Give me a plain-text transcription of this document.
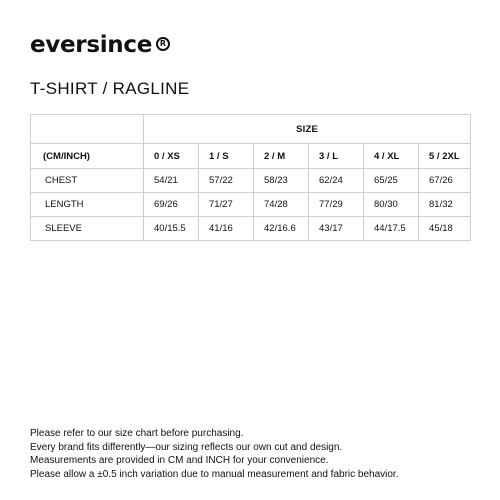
eversince R
T-SHIRT / RAGLINE
	SIZE					
(CM/INCH)	0 / XS	1 / S	2 / M	3 / L	4 / XL	5 / 2XL
CHEST	54/21	57/22	58/23	62/24	65/25	67/26
LENGTH	69/26	71/27	74/28	77/29	80/30	81/32
SLEEVE	40/15.5	41/16	42/16.6	43/17	44/17.5	45/18
Please refer to our size chart before purchasing.
Every brand fits differently—our sizing reflects our own cut and design.
Measurements are provided in CM and INCH for your convenience.
Please allow a ±0.5 inch variation due to manual measurement and fabric behavior.
